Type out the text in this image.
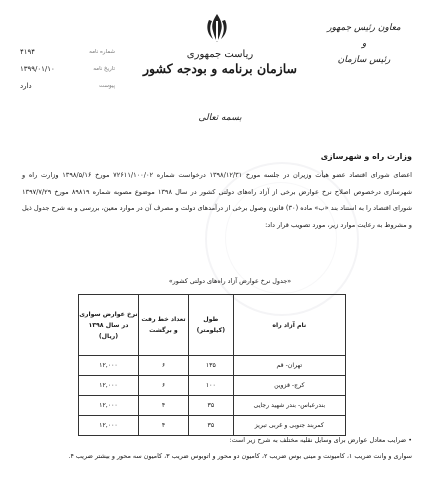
ریاست جمهوری
سازمان برنامه و بودجه کشور
معاون رئیس جمهور
و
رئیس سازمان
۴۱۹۴	شماره نامه
۱۳۹۹/۰۱/۱۰	تاریخ نامه
دارد	پیوست
بسمه تعالی
وزارت راه و شهرسازی
اعضای شورای اقتصاد عضو هیأت وزیران در جلسه مورخ ۱۳۹۸/۱۲/۳۱ درخواست شماره ۷۲۶۱۱/۱۰۰/۰۲ مورخ ۱۳۹۸/۵/۱۶ وزارت راه و شهرسازی درخصوص اصلاح نرخ عوارض برخی از آزاد راه‌های دولتی کشور در سال ۱۳۹۸ موضوع مصوبه شماره ۸۹۸۱۹ مورخ ۱۳۹۷/۷/۲۹ شورای اقتصاد را به استناد بند «ب» ماده (۳۰) قانون وصول برخی از درآمدهای دولت و مصرف آن در موارد معین، بررسی و به شرح جدول ذیل و مشروط به رعایت موارد زیر، مورد تصویب قرار داد:
«جدول نرخ عوارض آزاد راه‌های دولتی کشور»
نام آزاد راه	طول (کیلومتر)	تعداد خط رفت و برگشت	نرخ عوارض سواری در سال ۱۳۹۸ (ریال)
تهران- قم	۱۳۵	۶	۱۲,۰۰۰
کرج- قزوین	۱۰۰	۶	۱۲,۰۰۰
بندرعباس- بندر شهید رجایی	۳۵	۴	۱۲,۰۰۰
کمربند جنوبی و غربی تبریز	۳۵	۴	۱۲,۰۰۰
• ضرایب معادل عوارض برای وسایل نقلیه مختلف به شرح زیر است:
سواری و وانت ضریب ۱، کامیونت و مینی بوس ضریب ۲، کامیون دو محور و اتوبوس ضریب ۳، کامیون سه محور و بیشتر ضریب ۴.
